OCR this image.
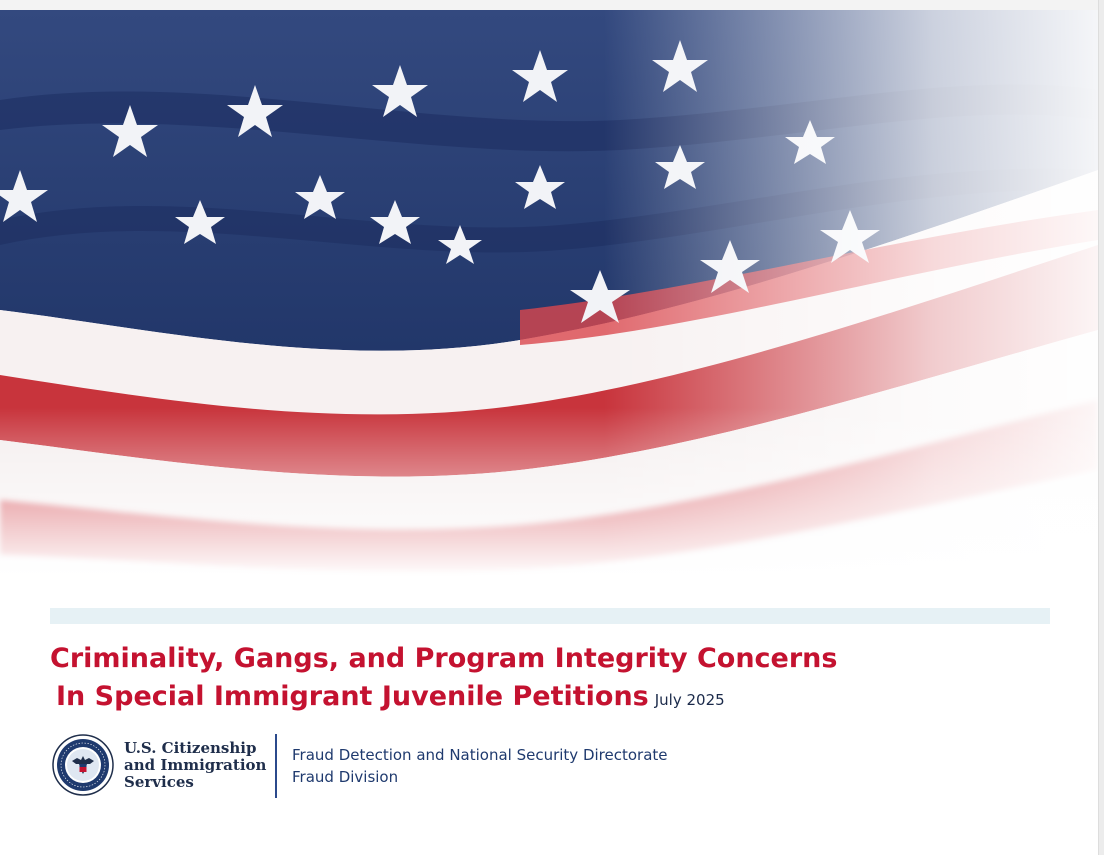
Criminality, Gangs, and Program Integrity Concerns
In Special Immigrant Juvenile Petitions July 2025
U.S. Citizenship
and Immigration
Services
Fraud Detection and National Security Directorate
Fraud Division
